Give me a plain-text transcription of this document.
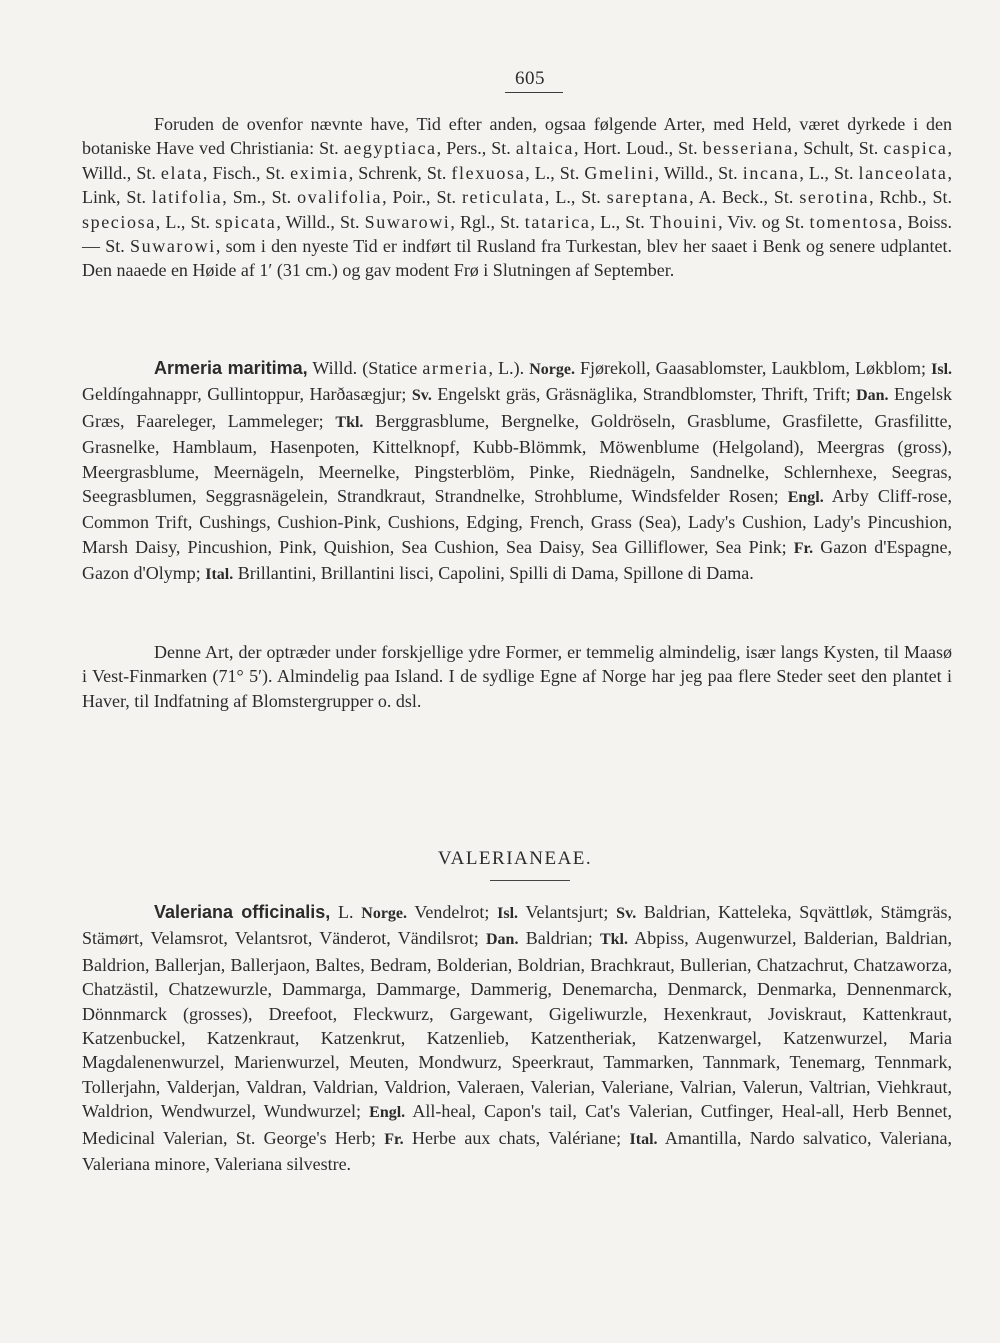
605

Foruden de ovenfor nævnte have, Tid efter anden, ogsaa følgende Arter, med Held, været dyrkede i den botaniske Have ved Christiania: St. aegyptiaca, Pers., St. altaica, Hort. Loud., St. besseriana, Schult, St. caspica, Willd., St. elata, Fisch., St. eximia, Schrenk, St. flexuosa, L., St. Gmelini, Willd., St. incana, L., St. lanceolata, Link, St. latifolia, Sm., St. ovalifolia, Poir., St. reticulata, L., St. sareptana, A. Beck., St. serotina, Rchb., St. speciosa, L., St. spicata, Willd., St. Suwarowi, Rgl., St. tatarica, L., St. Thouini, Viv. og St. tomentosa, Boiss. — St. Suwarowi, som i den nyeste Tid er indført til Rusland fra Turkestan, blev her saaet i Benk og senere udplantet. Den naaede en Høide af 1′ (31 cm.) og gav modent Frø i Slutningen af September.

Armeria maritima, Willd. (Statice armeria, L.). Norge. Fjørekoll, Gaasablomster, Laukblom, Løkblom; Isl. Geldíngahnappr, Gullintoppur, Harðasægjur; Sv. Engelskt gräs, Gräsnäglika, Strandblomster, Thrift, Trift; Dan. Engelsk Græs, Faareleger, Lammeleger; Tkl. Berggrasblume, Bergnelke, Goldröseln, Grasblume, Grasfilette, Grasfilitte, Grasnelke, Hamblaum, Hasenpoten, Kittelknopf, Kubb-Blömmk, Möwenblume (Helgoland), Meergras (gross), Meergrasblume, Meernägeln, Meernelke, Pingsterblöm, Pinke, Riednägeln, Sandnelke, Schlernhexe, Seegras, Seegrasblumen, Seggrasnägelein, Strandkraut, Strandnelke, Strohblume, Windsfelder Rosen; Engl. Arby Cliff-rose, Common Trift, Cushings, Cushion-Pink, Cushions, Edging, French, Grass (Sea), Lady's Cushion, Lady's Pincushion, Marsh Daisy, Pincushion, Pink, Quishion, Sea Cushion, Sea Daisy, Sea Gilliflower, Sea Pink; Fr. Gazon d'Espagne, Gazon d'Olymp; Ital. Brillantini, Brillantini lisci, Capolini, Spilli di Dama, Spillone di Dama.

Denne Art, der optræder under forskjellige ydre Former, er temmelig almindelig, især langs Kysten, til Maasø i Vest-Finmarken (71° 5′). Almindelig paa Island. I de sydlige Egne af Norge har jeg paa flere Steder seet den plantet i Haver, til Indfatning af Blomstergrupper o. dsl.

VALERIANEAE.

Valeriana officinalis, L. Norge. Vendelrot; Isl. Velantsjurt; Sv. Baldrian, Katteleka, Sqvättløk, Stämgräs, Stämørt, Velamsrot, Velantsrot, Vänderot, Vändilsrot; Dan. Baldrian; Tkl. Abpiss, Augenwurzel, Balderian, Baldrian, Baldrion, Ballerjan, Ballerjaon, Baltes, Bedram, Bolderian, Boldrian, Brachkraut, Bullerian, Chatzachrut, Chatzaworza, Chatzästil, Chatzewurzle, Dammarga, Dammarge, Dammerig, Denemarcha, Denmarck, Denmarka, Dennenmarck, Dönnmarck (grosses), Dreefoot, Fleckwurz, Gargewant, Gigeliwurzle, Hexenkraut, Joviskraut, Kattenkraut, Katzenbuckel, Katzenkraut, Katzenkrut, Katzenlieb, Katzentheriak, Katzenwargel, Katzenwurzel, Maria Magdalenenwurzel, Marienwurzel, Meuten, Mondwurz, Speerkraut, Tammarken, Tannmark, Tenemarg, Tennmark, Tollerjahn, Valderjan, Valdran, Valdrian, Valdrion, Valeraen, Valerian, Valeriane, Valrian, Valerun, Valtrian, Viehkraut, Waldrion, Wendwurzel, Wundwurzel; Engl. All-heal, Capon's tail, Cat's Valerian, Cutfinger, Heal-all, Herb Bennet, Medicinal Valerian, St. George's Herb; Fr. Herbe aux chats, Valériane; Ital. Amantilla, Nardo salvatico, Valeriana, Valeriana minore, Valeriana silvestre.
